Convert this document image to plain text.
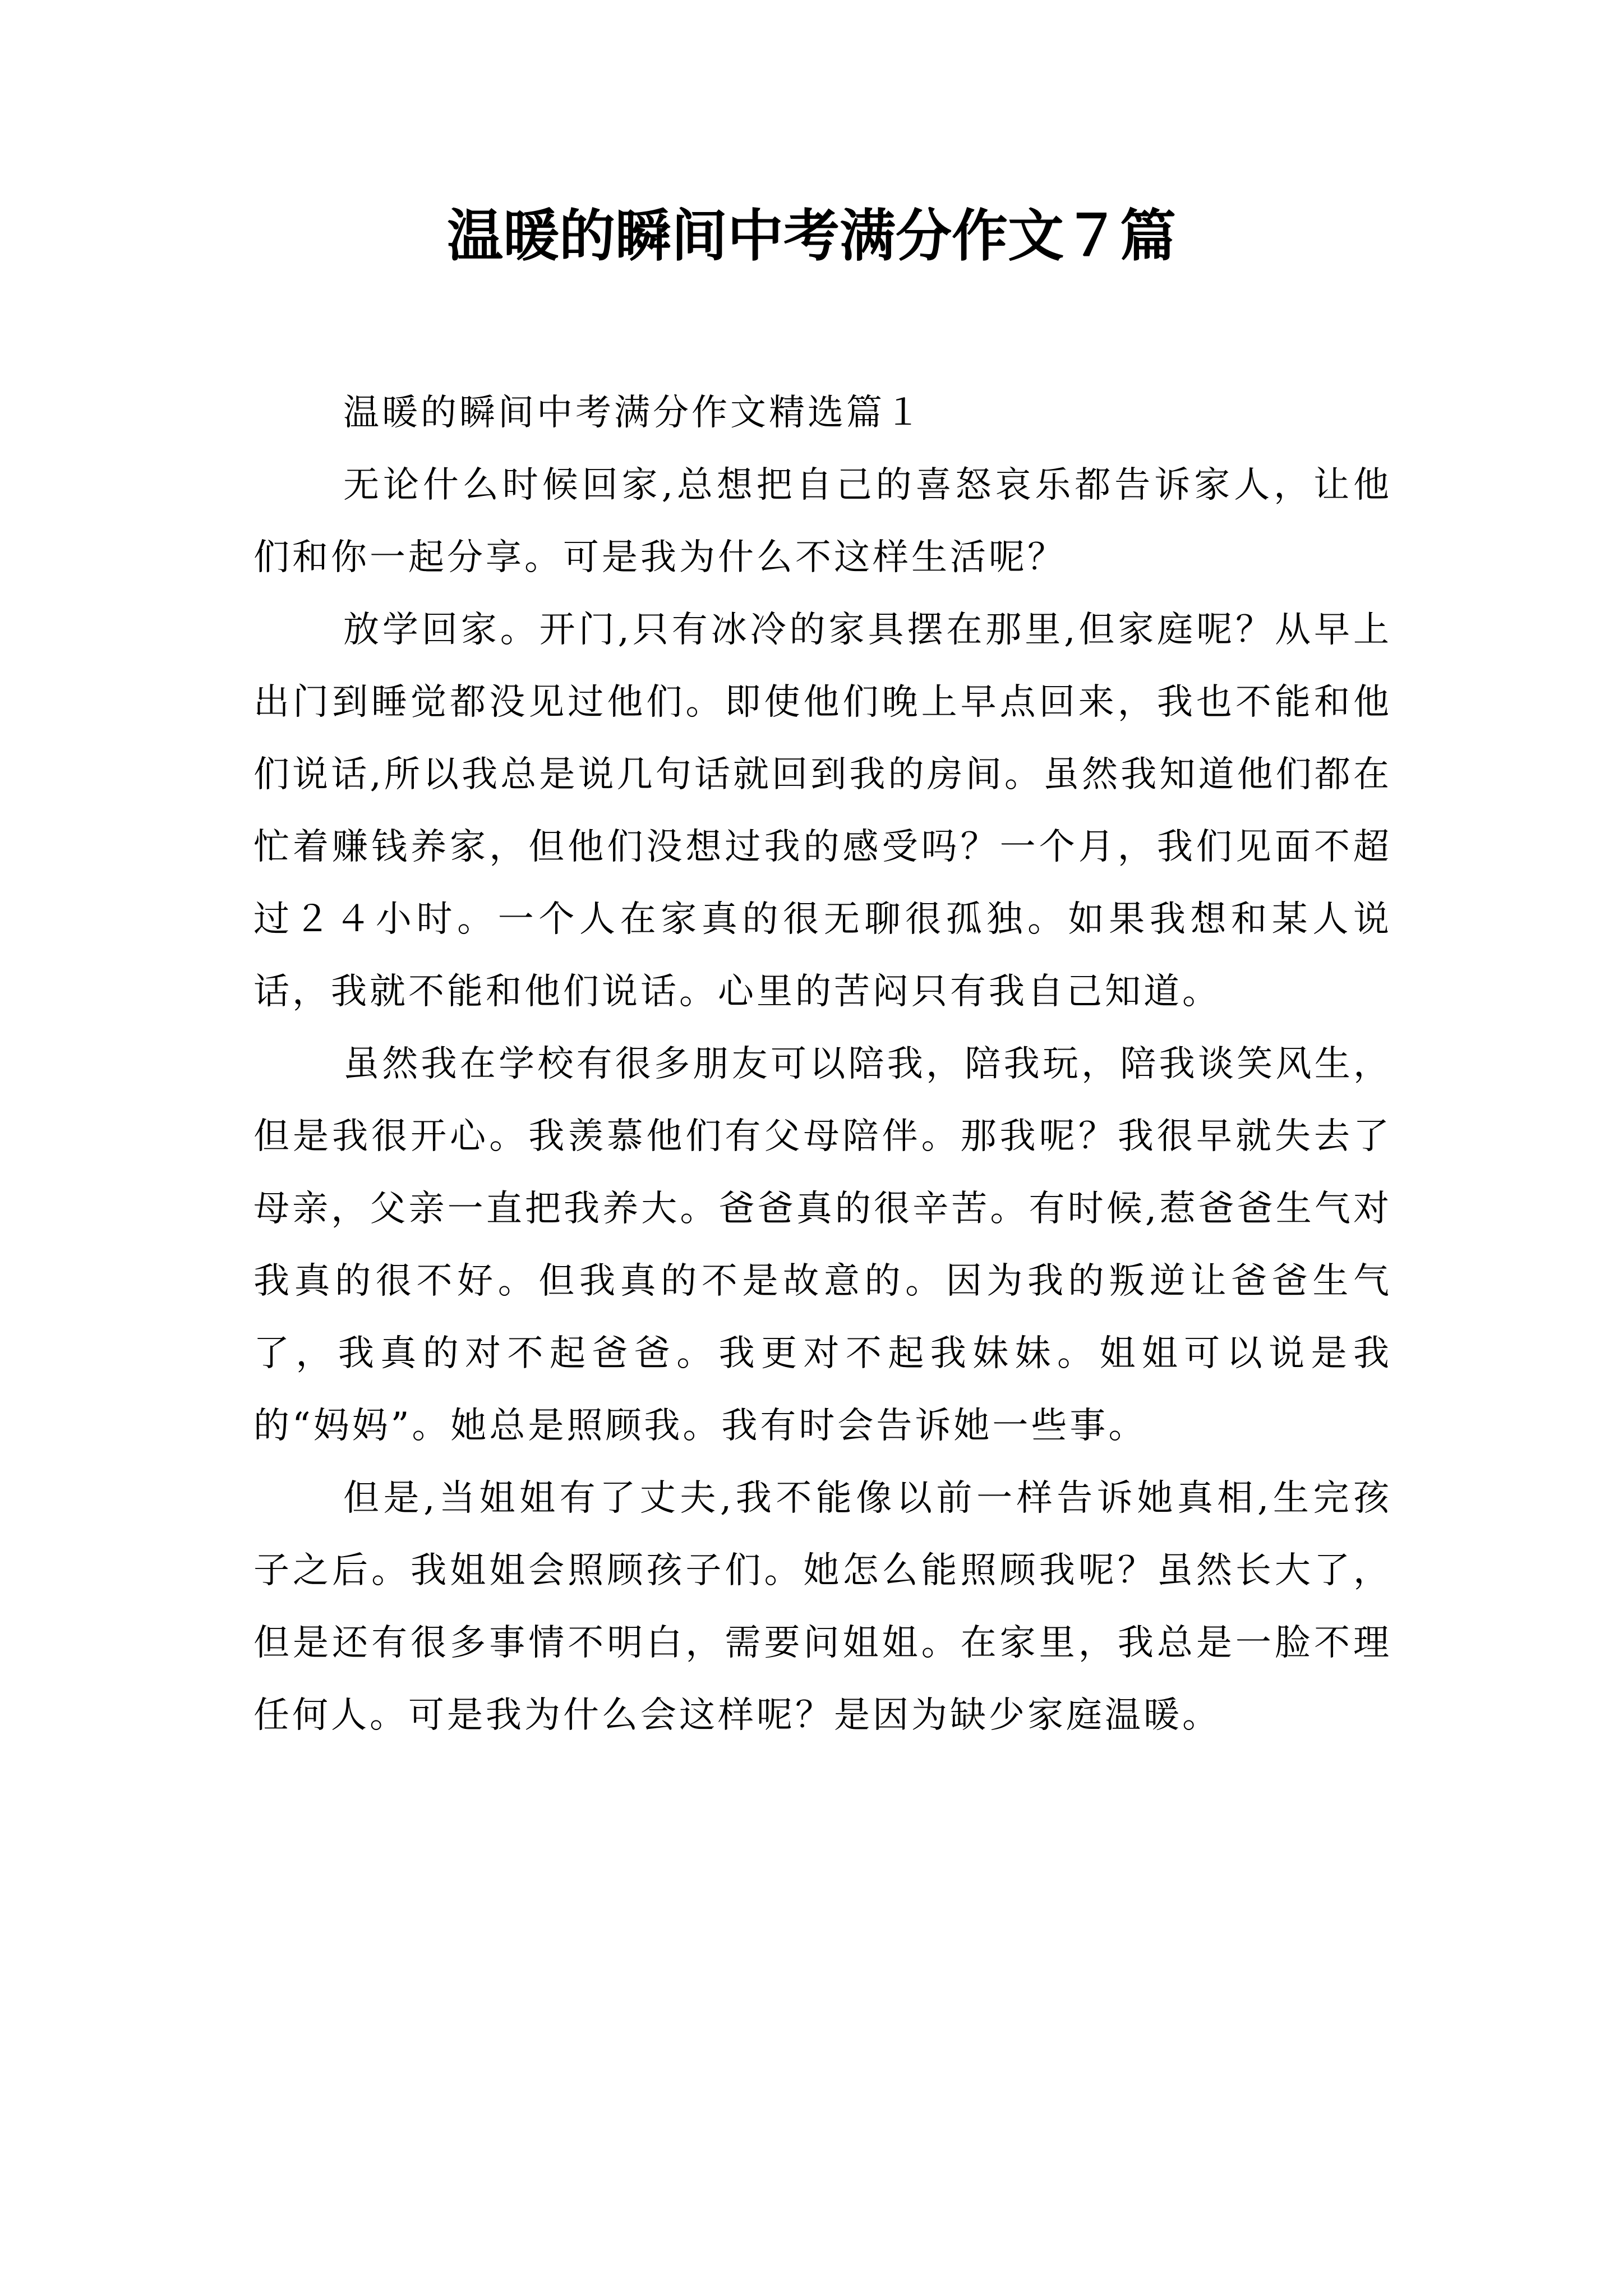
温暖的瞬间中考满分作文７篇

温暖的瞬间中考满分作文精选篇１

无论什么时候回家,总想把自己的喜怒哀乐都告诉家人，让他们和你一起分享。可是我为什么不这样生活呢？

放学回家。开门,只有冰冷的家具摆在那里,但家庭呢？从早上出门到睡觉都没见过他们。即使他们晚上早点回来，我也不能和他们说话,所以我总是说几句话就回到我的房间。虽然我知道他们都在忙着赚钱养家，但他们没想过我的感受吗？一个月，我们见面不超过２４小时。一个人在家真的很无聊很孤独。如果我想和某人说话，我就不能和他们说话。心里的苦闷只有我自己知道。

虽然我在学校有很多朋友可以陪我，陪我玩，陪我谈笑风生，但是我很开心。我羡慕他们有父母陪伴。那我呢？我很早就失去了母亲，父亲一直把我养大。爸爸真的很辛苦。有时候,惹爸爸生气对我真的很不好。但我真的不是故意的。因为我的叛逆让爸爸生气了，我真的对不起爸爸。我更对不起我妹妹。姐姐可以说是我的“妈妈”。她总是照顾我。我有时会告诉她一些事。

但是,当姐姐有了丈夫,我不能像以前一样告诉她真相,生完孩子之后。我姐姐会照顾孩子们。她怎么能照顾我呢？虽然长大了，但是还有很多事情不明白，需要问姐姐。在家里，我总是一脸不理任何人。可是我为什么会这样呢？是因为缺少家庭温暖。
